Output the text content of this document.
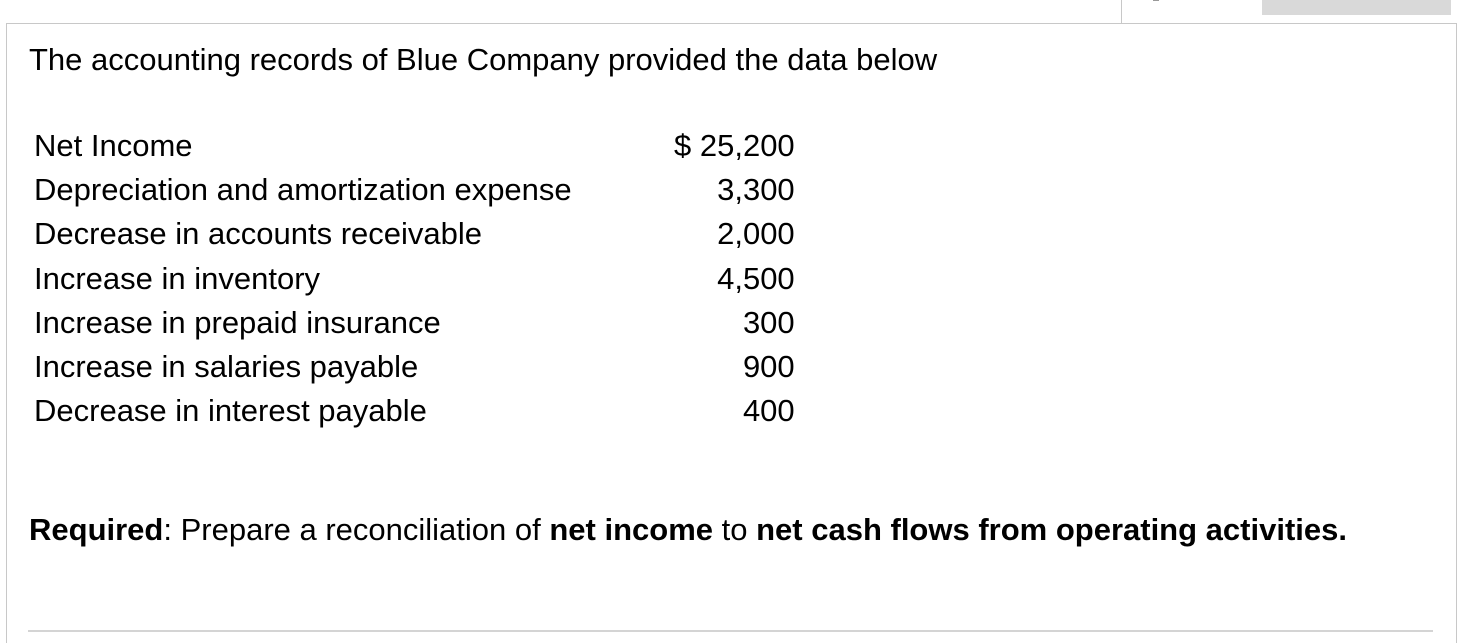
The accounting records of Blue Company provided the data below
Net Income	$ 25,200
Depreciation and amortization expense	3,300
Decrease in accounts receivable	2,000
Increase in inventory	4,500
Increase in prepaid insurance	300
Increase in salaries payable	900
Decrease in interest payable	400
Required: Prepare a reconciliation of net income to net cash flows from operating activities.
